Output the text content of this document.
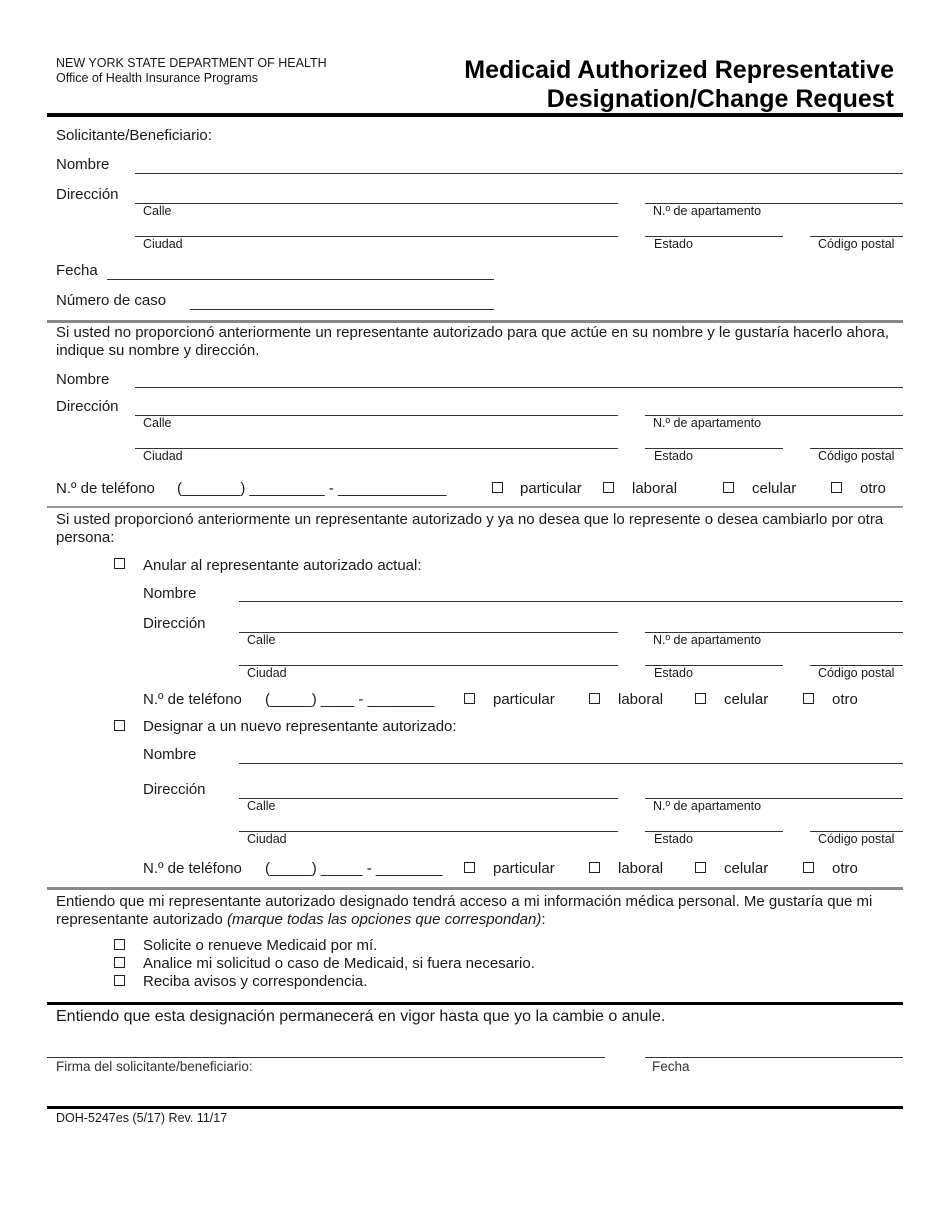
NEW YORK STATE DEPARTMENT OF HEALTH
Office of Health Insurance Programs	Medicaid Authorized Representative
Designation/Change Request
Solicitante/Beneficiario:
Nombre
Dirección
Calle	N.º de apartamento
Ciudad	Estado	Código postal
Fecha
Número de caso
Si usted no proporcionó anteriormente un representante autorizado para que actúe en su nombre y le gustaría hacerlo ahora, indique su nombre y dirección.
Nombre
Dirección
Calle	N.º de apartamento
Ciudad	Estado	Código postal
N.º de teléfono (_______) _________ - _____________	particular	laboral	celular	otro
Si usted proporcionó anteriormente un representante autorizado y ya no desea que lo represente o desea cambiarlo por otra persona:
Anular al representante autorizado actual:
Nombre
Dirección
Calle	N.º de apartamento
Ciudad	Estado	Código postal
N.º de teléfono (_____) ____ - ________	particular	laboral	celular	otro
Designar a un nuevo representante autorizado:
Nombre
Dirección
Calle	N.º de apartamento
Ciudad	Estado	Código postal
N.º de teléfono (_____) _____ - ________	particular	laboral	celular	otro
Entiendo que mi representante autorizado designado tendrá acceso a mi información médica personal. Me gustaría que mi representante autorizado (marque todas las opciones que correspondan):
Solicite o renueve Medicaid por mí.
Analice mi solicitud o caso de Medicaid, si fuera necesario.
Reciba avisos y correspondencia.
Entiendo que esta designación permanecerá en vigor hasta que yo la cambie o anule.
Firma del solicitante/beneficiario:	Fecha
DOH-5247es (5/17) Rev. 11/17
